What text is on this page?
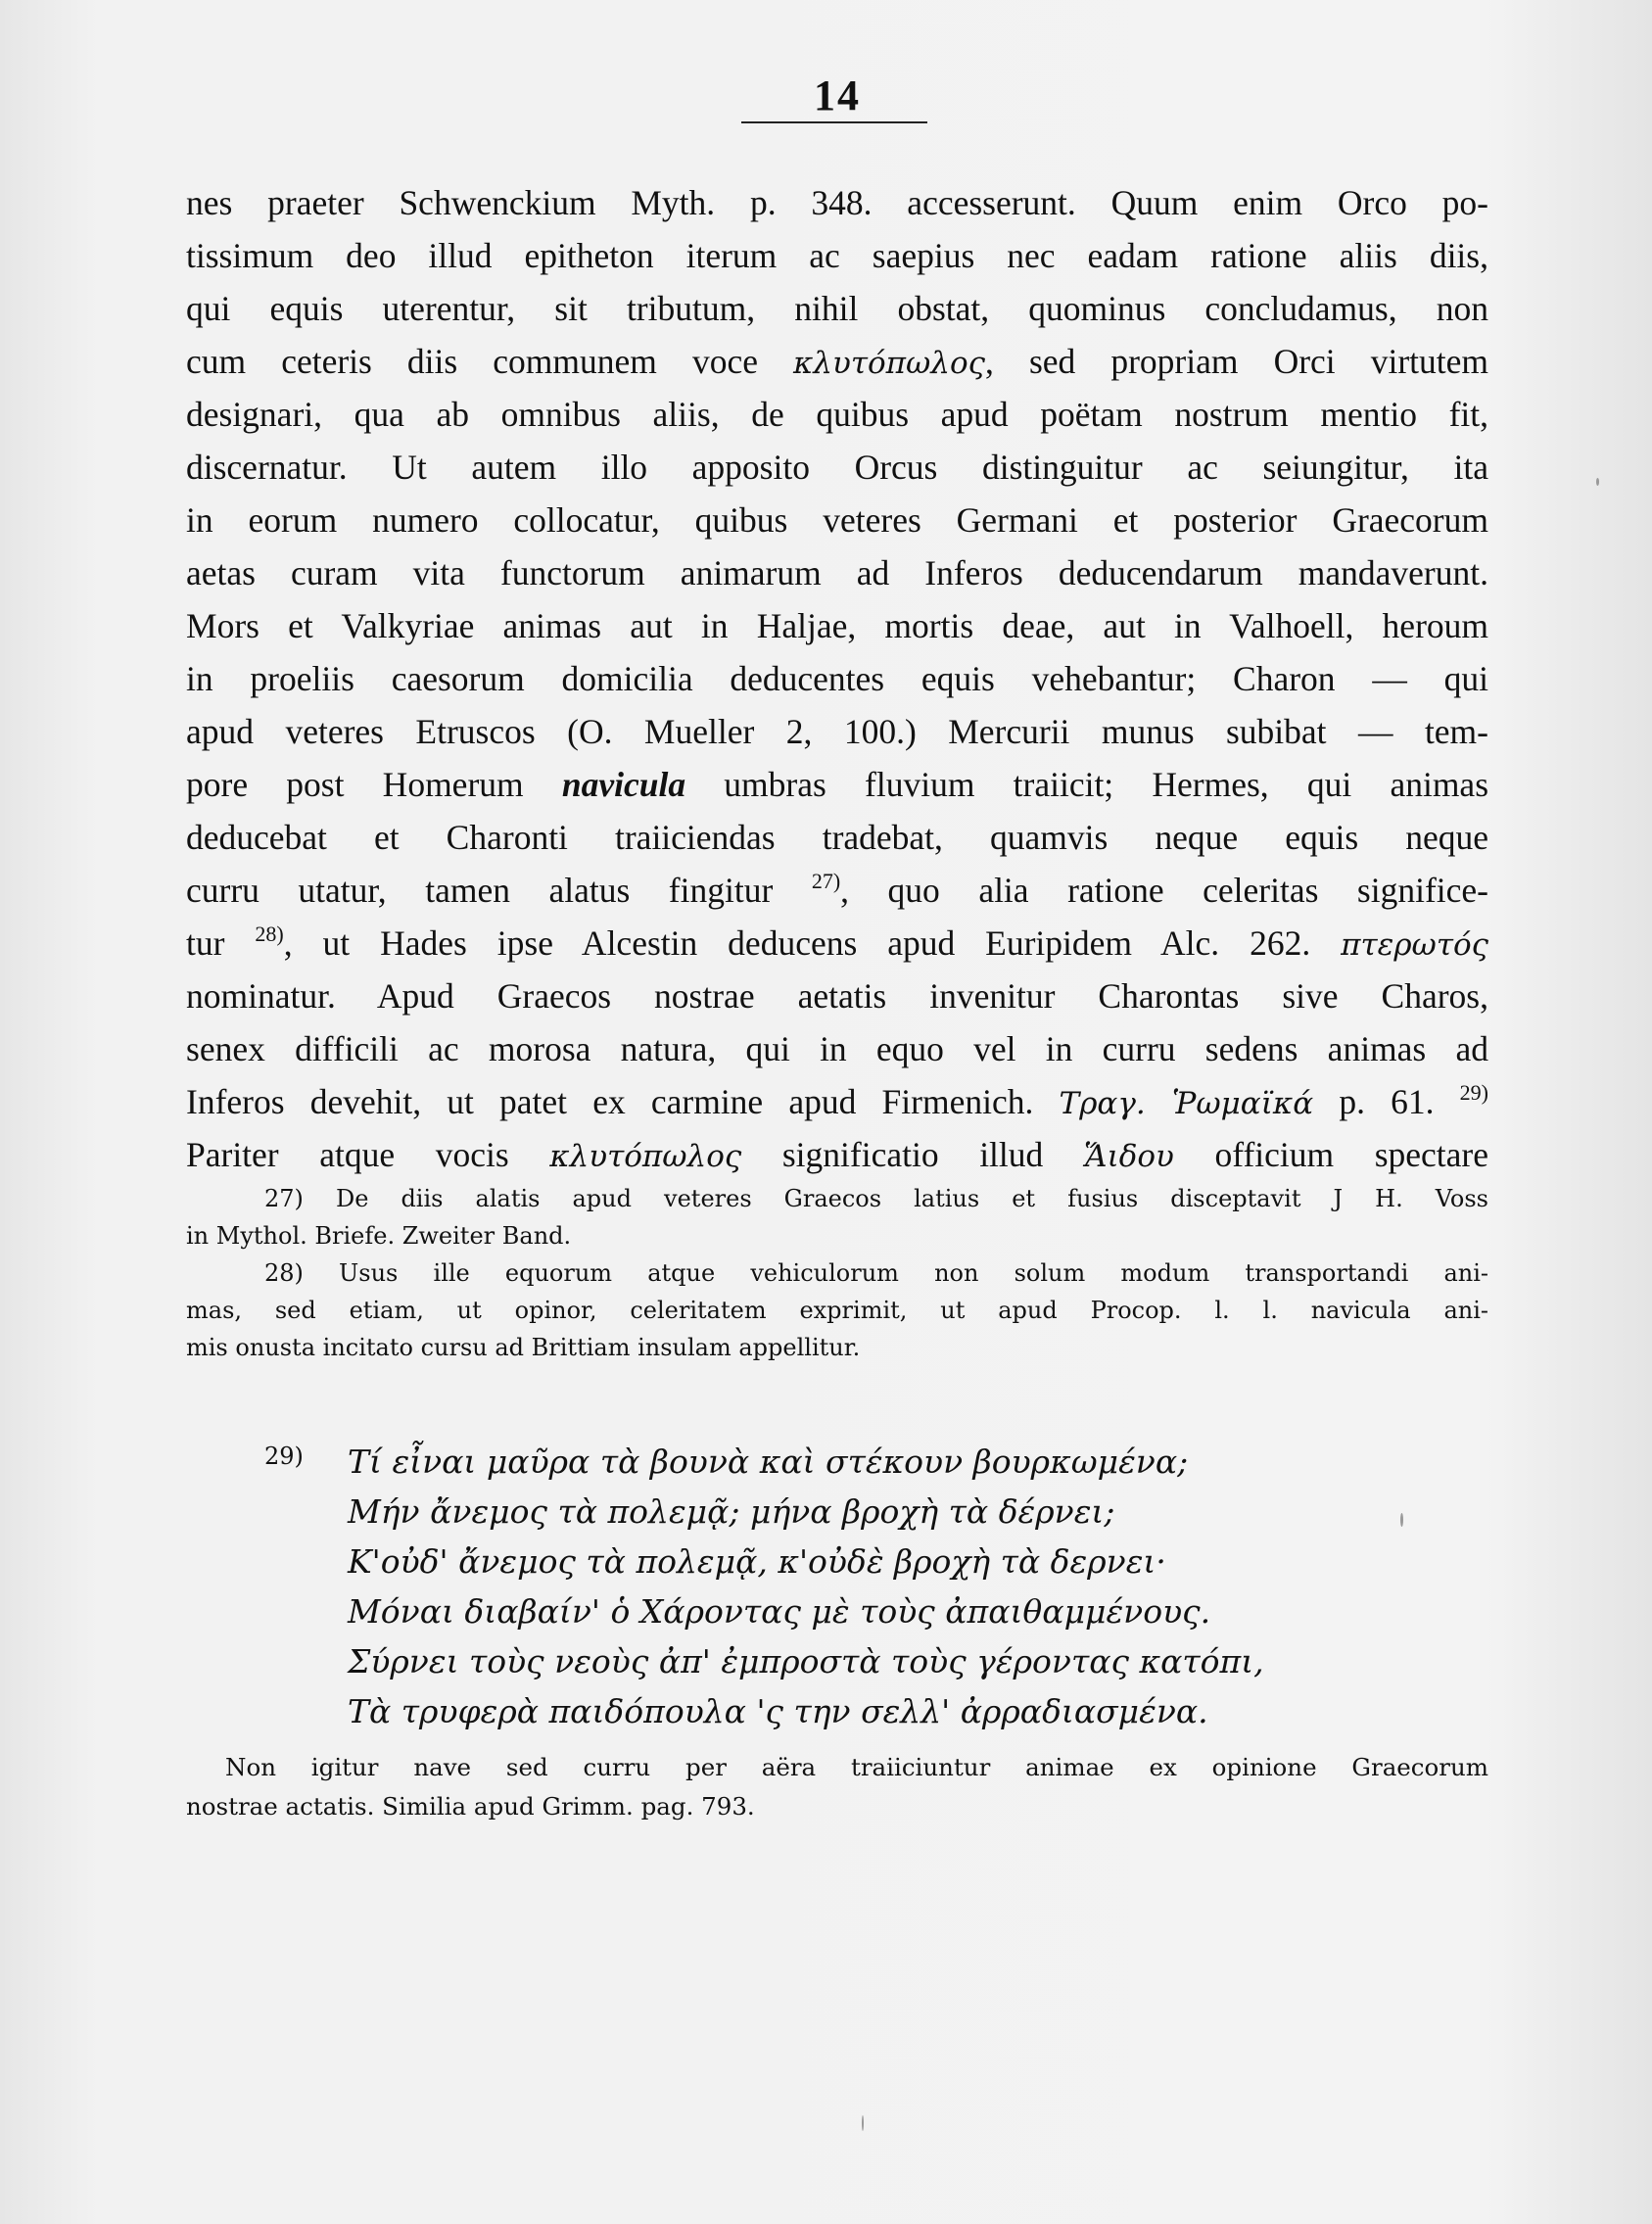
14
nes praeter Schwenckium Myth. p. 348. accesserunt. Quum enim Orco po-
tissimum deo illud epitheton iterum ac saepius nec eadam ratione aliis diis,
qui equis uterentur, sit tributum, nihil obstat, quominus concludamus, non
cum ceteris diis communem voce κλυτόπωλος, sed propriam Orci virtutem
designari, qua ab omnibus aliis, de quibus apud poëtam nostrum mentio fit,
discernatur. Ut autem illo apposito Orcus distinguitur ac seiungitur, ita
in eorum numero collocatur, quibus veteres Germani et posterior Graecorum
aetas curam vita functorum animarum ad Inferos deducendarum mandaverunt.
Mors et Valkyriae animas aut in Haljae, mortis deae, aut in Valhoell, heroum
in proeliis caesorum domicilia deducentes equis vehebantur; Charon — qui
apud veteres Etruscos (O. Mueller 2, 100.) Mercurii munus subibat — tem-
pore post Homerum navicula umbras fluvium traiicit; Hermes, qui animas
deducebat et Charonti traiiciendas tradebat, quamvis neque equis neque
curru utatur, tamen alatus fingitur $^{27)}$, quo alia ratione celeritas significe-
tur $^{28)}$, ut Hades ipse Alcestin deducens apud Euripidem Alc. 262. πτερωτός
nominatur. Apud Graecos nostrae aetatis invenitur Charontas sive Charos,
senex difficili ac morosa natura, qui in equo vel in curru sedens animas ad
Inferos devehit, ut patet ex carmine apud Firmenich. Τραγ. Ῥωμαϊκά p. 61. $^{29)}$
Pariter atque vocis κλυτόπωλος significatio illud Ἅιδου officium spectare
27) De diis alatis apud veteres Graecos latius et fusius disceptavit J H. Voss
in Mythol. Briefe. Zweiter Band.
28) Usus ille equorum atque vehiculorum non solum modum transportandi ani-
mas, sed etiam, ut opinor, celeritatem exprimit, ut apud Procop. l. l. navicula ani-
mis onusta incitato cursu ad Brittiam insulam appellitur.
29)	Τί εἶναι μαῦρα τὰ βουνὰ καὶ στέκουν βουρκωμένα;
Μήν ἄνεμος τὰ πολεμᾷ; μήνα βροχὴ τὰ δέρνει;
Κ'οὐδ' ἄνεμος τὰ πολεμᾷ, κ'οὐδὲ βροχὴ τὰ δερνει·
Μόναι διαβαίν' ὁ Χάροντας μὲ τοὺς ἀπαιθαμμένους.
Σύρνει τοὺς νεοὺς ἀπ' ἐμπροστὰ τοὺς γέροντας κατόπι,
Τὰ τρυφερὰ παιδόπουλα 'ς την σελλ' ἀρραδιασμένα.
Non igitur nave sed curru per aëra traiiciuntur animae ex opinione Graecorum
nostrae actatis. Similia apud Grimm. pag. 793.
